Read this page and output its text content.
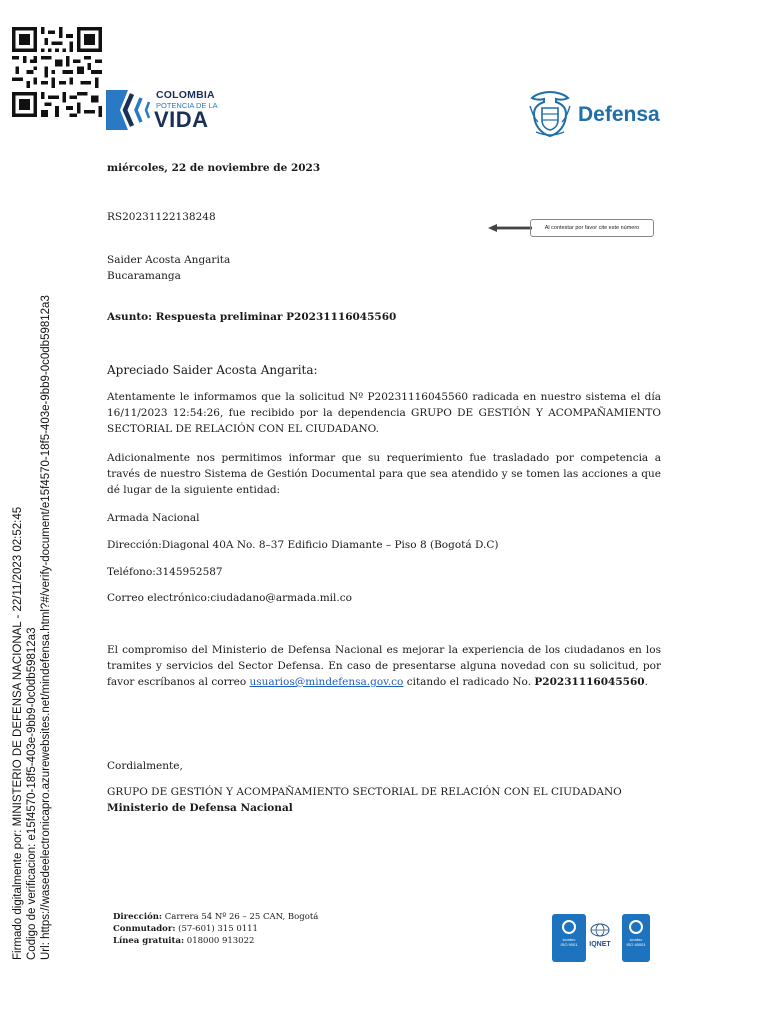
COLOMBIA
POTENCIA DE LA
VIDA	Defensa
Firmado digitalmente por: MINISTERIO DE DEFENSA NACIONAL - 22/11/2023 02:52:45 Codigo de verificacion: e15f4570-18f5-403e-9bb9-0c0db59812a3 Url: https://wasedeelectronicapro.azurewebsites.net/mindefensa.html?#/verify-document/e15f4570-18f5-403e-9bb9-0c0db59812a3
miércoles, 22 de noviembre de 2023
RS20231122138248
Al contestar por favor cite este número
Saider Acosta Angarita
Bucaramanga
Asunto: Respuesta preliminar P20231116045560
Apreciado Saider Acosta Angarita:
Atentamente le informamos que la solicitud Nº P20231116045560 radicada en nuestro sistema el día 16/11/2023 12:54:26, fue recibido por la dependencia GRUPO DE GESTIÓN Y ACOMPAÑAMIENTO SECTORIAL DE RELACIÓN CON EL CIUDADANO.
Adicionalmente nos permitimos informar que su requerimiento fue trasladado por competencia a través de nuestro Sistema de Gestión Documental para que sea atendido y se tomen las acciones a que dé lugar de la siguiente entidad:
Armada Nacional
Dirección:Diagonal 40A No. 8–37 Edificio Diamante – Piso 8 (Bogotá D.C)
Teléfono:3145952587
Correo electrónico:ciudadano@armada.mil.co
El compromiso del Ministerio de Defensa Nacional es mejorar la experiencia de los ciudadanos en los tramites y servicios del Sector Defensa. En caso de presentarse alguna novedad con su solicitud, por favor escríbanos al correo usuarios@mindefensa.gov.co citando el radicado No. P20231116045560.
Cordialmente,
GRUPO DE GESTIÓN Y ACOMPAÑAMIENTO SECTORIAL DE RELACIÓN CON EL CIUDADANO
Ministerio de Defensa Nacional
Dirección: Carrera 54 Nº 26 – 25 CAN, Bogotá
Conmutador: (57-601) 315 0111
Línea gratuita: 018000 913022	icontec
ISO 9001	IQNET
icontec
ISO 45001
